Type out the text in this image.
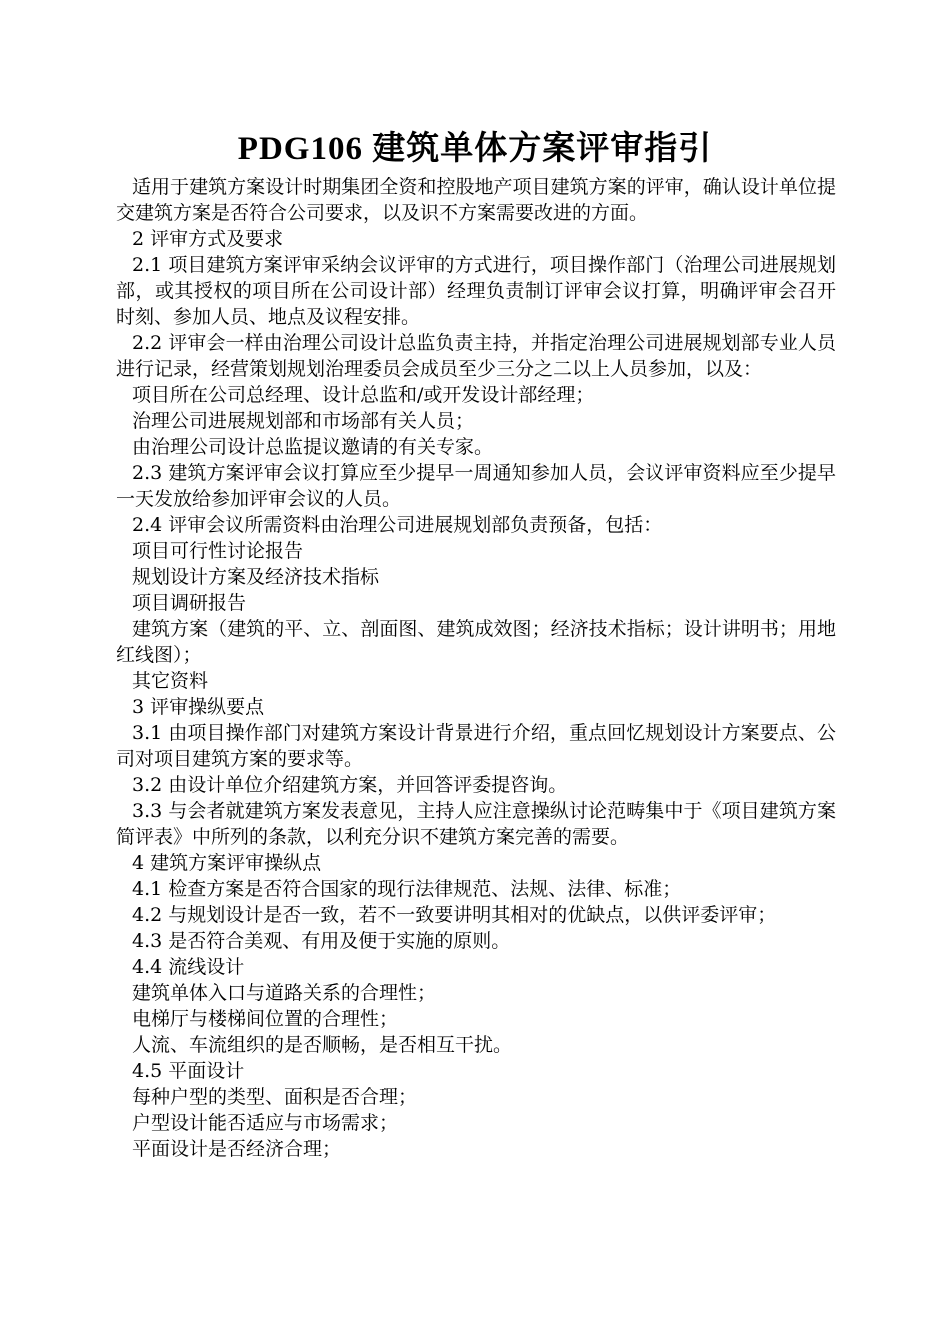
PDG106 建筑单体方案评审指引

适用于建筑方案设计时期集团全资和控股地产项目建筑方案的评审，确认设计单位提交建筑方案是否符合公司要求，以及识不方案需要改进的方面。

2 评审方式及要求

2.1 项目建筑方案评审采纳会议评审的方式进行，项目操作部门（治理公司进展规划部，或其授权的项目所在公司设计部）经理负责制订评审会议打算，明确评审会召开时刻、参加人员、地点及议程安排。

2.2 评审会一样由治理公司设计总监负责主持，并指定治理公司进展规划部专业人员进行记录，经营策划规划治理委员会成员至少三分之二以上人员参加，以及：

项目所在公司总经理、设计总监和/或开发设计部经理；

治理公司进展规划部和市场部有关人员；

由治理公司设计总监提议邀请的有关专家。

2.3 建筑方案评审会议打算应至少提早一周通知参加人员，会议评审资料应至少提早一天发放给参加评审会议的人员。

2.4 评审会议所需资料由治理公司进展规划部负责预备，包括：

项目可行性讨论报告

规划设计方案及经济技术指标

项目调研报告

建筑方案（建筑的平、立、剖面图、建筑成效图；经济技术指标；设计讲明书；用地红线图）；

其它资料

3 评审操纵要点

3.1 由项目操作部门对建筑方案设计背景进行介绍，重点回忆规划设计方案要点、公司对项目建筑方案的要求等。

3.2 由设计单位介绍建筑方案，并回答评委提咨询。

3.3 与会者就建筑方案发表意见，主持人应注意操纵讨论范畴集中于《项目建筑方案简评表》中所列的条款，以利充分识不建筑方案完善的需要。

4 建筑方案评审操纵点

4.1 检查方案是否符合国家的现行法律规范、法规、法律、标准；

4.2 与规划设计是否一致，若不一致要讲明其相对的优缺点，以供评委评审；

4.3 是否符合美观、有用及便于实施的原则。

4.4 流线设计

建筑单体入口与道路关系的合理性；

电梯厅与楼梯间位置的合理性；

人流、车流组织的是否顺畅，是否相互干扰。

4.5 平面设计

每种户型的类型、面积是否合理；

户型设计能否适应与市场需求；

平面设计是否经济合理；
